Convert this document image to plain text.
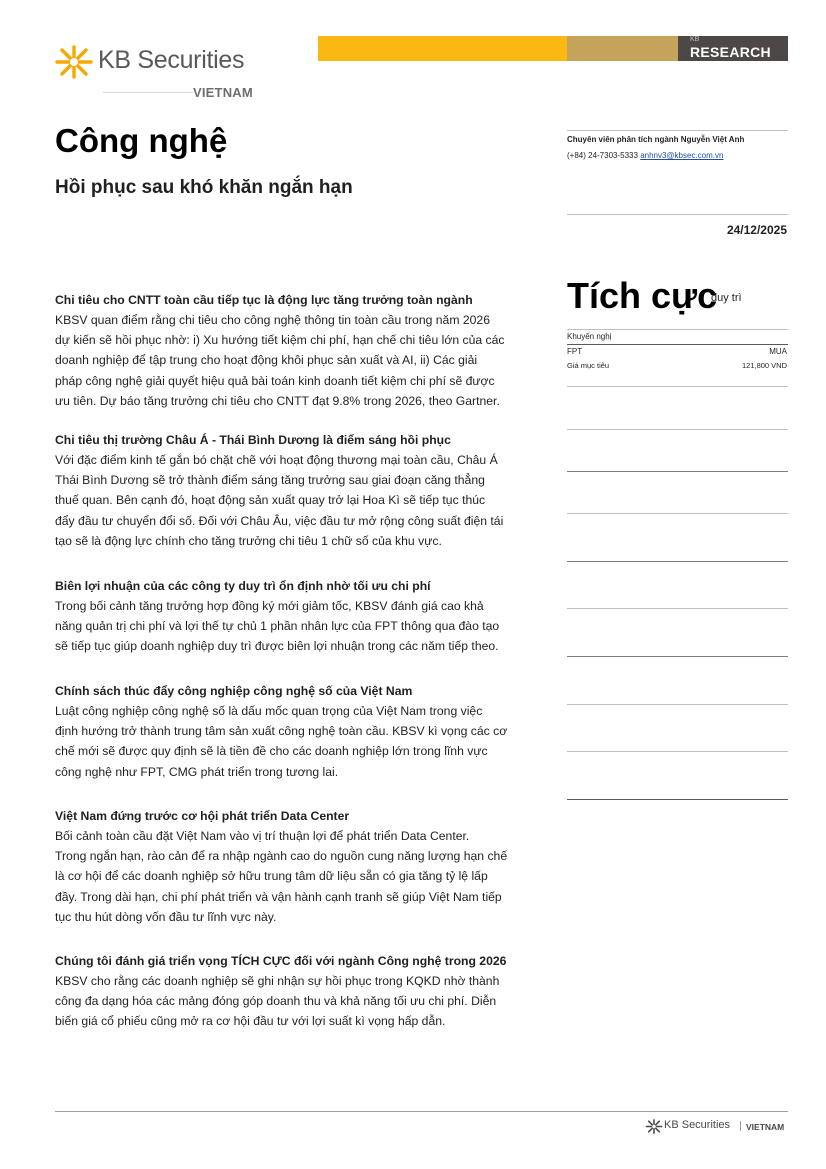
KB Securities
VIETNAM
KB
RESEARCH
Công nghệ
Hồi phục sau khó khăn ngắn hạn
Chuyên viên phân tích ngành Nguyễn Việt Anh
(+84) 24-7303-5333 anhnv3@kbsec.com.vn
24/12/2025
Tích cực
duy trì
Khuyến nghị
FPT	MUA
Giá mục tiêu	121,800 VND
Chi tiêu cho CNTT toàn cầu tiếp tục là động lực tăng trưởng toàn ngành
KBSV quan điểm rằng chi tiêu cho công nghệ thông tin toàn cầu trong năm 2026
dự kiến sẽ hồi phục nhờ: i) Xu hướng tiết kiệm chi phí, hạn chế chi tiêu lớn của các
doanh nghiệp để tập trung cho hoạt động khôi phục sản xuất và AI, ii) Các giải
pháp công nghệ giải quyết hiệu quả bài toán kinh doanh tiết kiệm chi phí sẽ được
ưu tiên. Dự báo tăng trưởng chi tiêu cho CNTT đạt 9.8% trong 2026, theo Gartner.
Chi tiêu thị trường Châu Á - Thái Bình Dương là điểm sáng hồi phục
Với đặc điểm kinh tế gắn bó chặt chẽ với hoạt động thương mại toàn cầu, Châu Á
Thái Bình Dương sẽ trở thành điểm sáng tăng trưởng sau giai đoạn căng thẳng
thuế quan. Bên cạnh đó, hoạt động sản xuất quay trở lại Hoa Kì sẽ tiếp tục thúc
đẩy đầu tư chuyển đổi số. Đối với Châu Âu, việc đầu tư mở rộng công suất điện tái
tạo sẽ là động lực chính cho tăng trưởng chi tiêu 1 chữ số của khu vực.
Biên lợi nhuận của các công ty duy trì ổn định nhờ tối ưu chi phí
Trong bối cảnh tăng trưởng hợp đồng ký mới giảm tốc, KBSV đánh giá cao khả
năng quản trị chi phí và lợi thế tự chủ 1 phần nhân lực của FPT thông qua đào tạo
sẽ tiếp tục giúp doanh nghiệp duy trì được biên lợi nhuận trong các năm tiếp theo.
Chính sách thúc đẩy công nghiệp công nghệ số của Việt Nam
Luật công nghiệp công nghệ số là dấu mốc quan trọng của Việt Nam trong việc
định hướng trở thành trung tâm sản xuất công nghệ toàn cầu. KBSV kì vọng các cơ
chế mới sẽ được quy định sẽ là tiền đề cho các doanh nghiệp lớn trong lĩnh vực
công nghệ như FPT, CMG phát triển trong tương lai.
Việt Nam đứng trước cơ hội phát triển Data Center
Bối cảnh toàn cầu đặt Việt Nam vào vị trí thuận lợi để phát triển Data Center.
Trong ngắn hạn, rào cản để ra nhập ngành cao do nguồn cung năng lượng hạn chế
là cơ hội để các doanh nghiệp sở hữu trung tâm dữ liệu sẵn có gia tăng tỷ lệ lấp
đầy. Trong dài hạn, chi phí phát triển và vận hành cạnh tranh sẽ giúp Việt Nam tiếp
tục thu hút dòng vốn đầu tư lĩnh vực này.
Chúng tôi đánh giá triển vọng TÍCH CỰC đối với ngành Công nghệ trong 2026
KBSV cho rằng các doanh nghiệp sẽ ghi nhận sự hồi phục trong KQKD nhờ thành
công đa dạng hóa các mảng đóng góp doanh thu và khả năng tối ưu chi phí. Diễn
biến giá cổ phiếu cũng mở ra cơ hội đầu tư với lợi suất kì vọng hấp dẫn.
KB Securities VIETNAM
